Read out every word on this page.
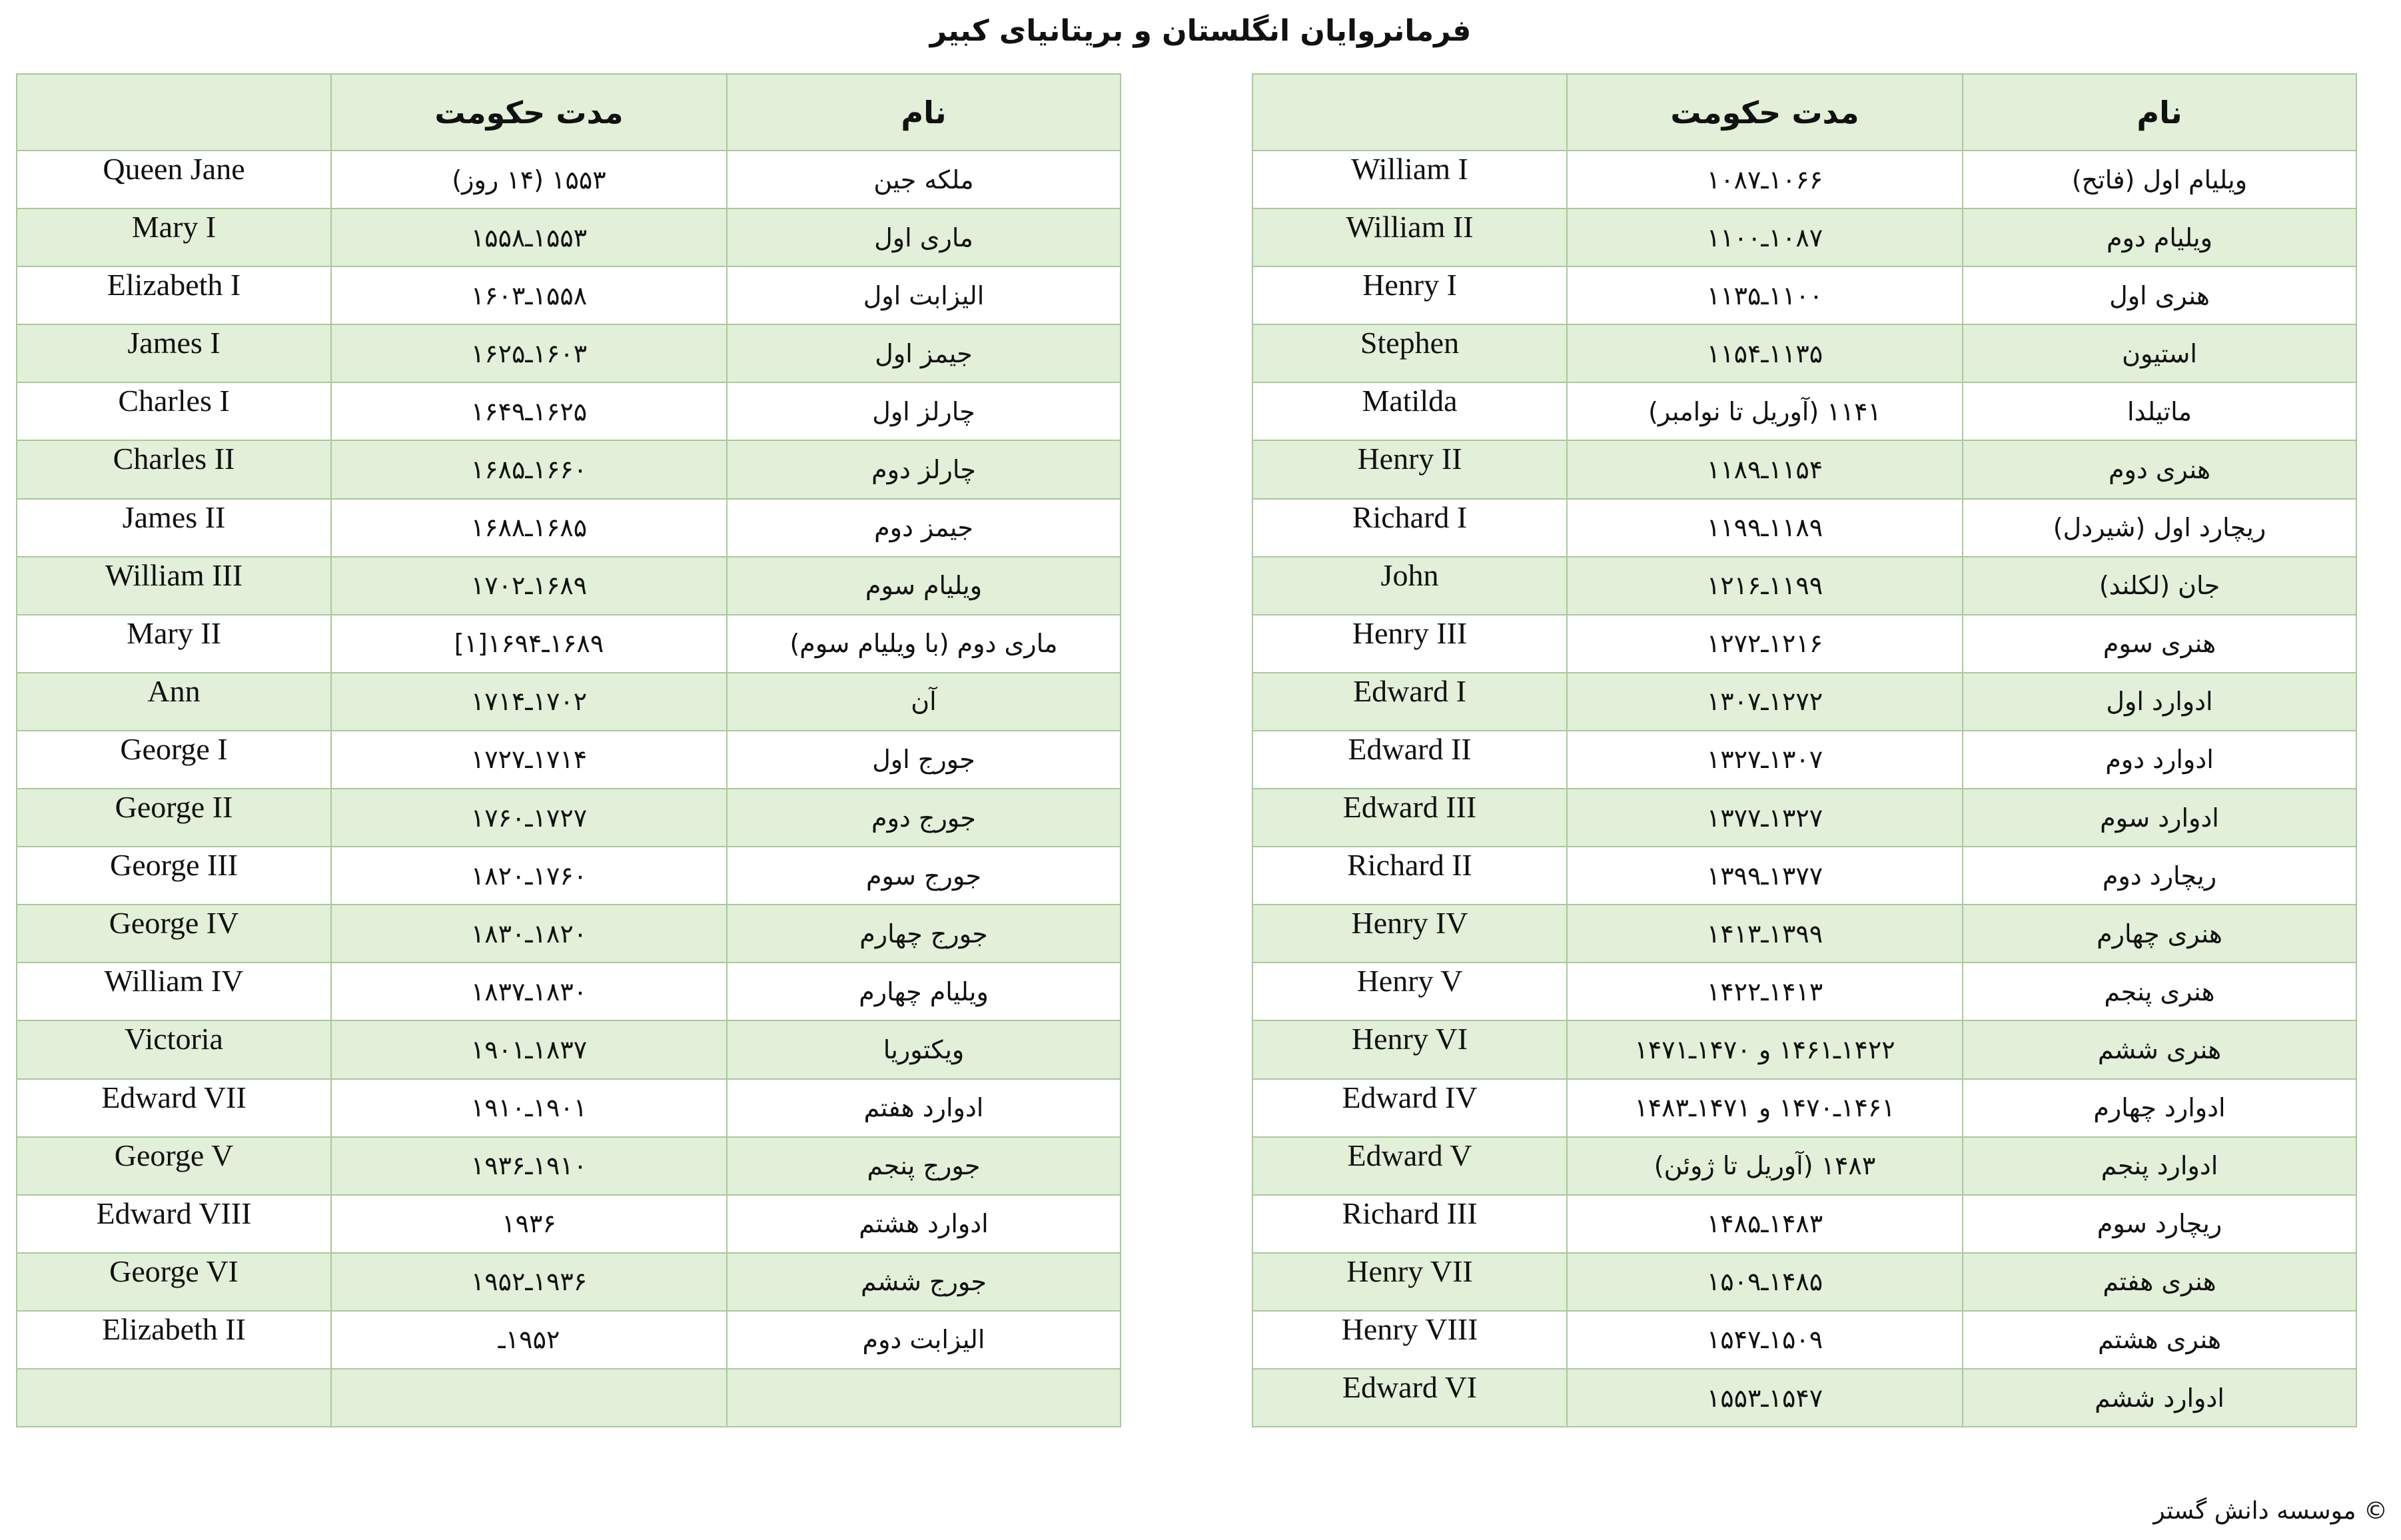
فرمانروایان انگلستان و بریتانیای کبیر
	مدت حکومت	نام
Queen Jane	۱۵۵۳ (۱۴ روز)	ملکه جین
Mary I	۱۵۵۳ـ۱۵۵۸	ماری اول
Elizabeth I	۱۵۵۸ـ۱۶۰۳	الیزابت اول
James I	۱۶۰۳ـ۱۶۲۵	جیمز اول
Charles I	۱۶۲۵ـ۱۶۴۹	چارلز اول
Charles II	۱۶۶۰ـ۱۶۸۵	چارلز دوم
James II	۱۶۸۵ـ۱۶۸۸	جیمز دوم
William III	۱۶۸۹ـ۱۷۰۲	ویلیام سوم
Mary II	۱۶۸۹ـ۱۶۹۴[۱]	ماری دوم (با ویلیام سوم)
Ann	۱۷۰۲ـ۱۷۱۴	آن
George I	۱۷۱۴ـ۱۷۲۷	جورج اول
George II	۱۷۲۷ـ۱۷۶۰	جورج دوم
George III	۱۷۶۰ـ۱۸۲۰	جورج سوم
George IV	۱۸۲۰ـ۱۸۳۰	جورج چهارم
William IV	۱۸۳۰ـ۱۸۳۷	ویلیام چهارم
Victoria	۱۸۳۷ـ۱۹۰۱	ویکتوریا
Edward VII	۱۹۰۱ـ۱۹۱۰	ادوارد هفتم
George V	۱۹۱۰ـ۱۹۳۶	جورج پنجم
Edward VIII	۱۹۳۶	ادوارد هشتم
George VI	۱۹۳۶ـ۱۹۵۲	جورج ششم
Elizabeth II	۱۹۵۲ـ	الیزابت دوم

	مدت حکومت	نام
William I	۱۰۶۶ـ۱۰۸۷	ویلیام اول (فاتح)
William II	۱۰۸۷ـ۱۱۰۰	ویلیام دوم
Henry I	۱۱۰۰ـ۱۱۳۵	هنری اول
Stephen	۱۱۳۵ـ۱۱۵۴	استیون
Matilda	۱۱۴۱ (آوریل تا نوامبر)	ماتیلدا
Henry II	۱۱۵۴ـ۱۱۸۹	هنری دوم
Richard I	۱۱۸۹ـ۱۱۹۹	ریچارد اول (شیردل)
John	۱۱۹۹ـ۱۲۱۶	جان (لکلند)
Henry III	۱۲۱۶ـ۱۲۷۲	هنری سوم
Edward I	۱۲۷۲ـ۱۳۰۷	ادوارد اول
Edward II	۱۳۰۷ـ۱۳۲۷	ادوارد دوم
Edward III	۱۳۲۷ـ۱۳۷۷	ادوارد سوم
Richard II	۱۳۷۷ـ۱۳۹۹	ریچارد دوم
Henry IV	۱۳۹۹ـ۱۴۱۳	هنری چهارم
Henry V	۱۴۱۳ـ۱۴۲۲	هنری پنجم
Henry VI	۱۴۲۲ـ۱۴۶۱ و ۱۴۷۰ـ۱۴۷۱	هنری ششم
Edward IV	۱۴۶۱ـ۱۴۷۰ و ۱۴۷۱ـ۱۴۸۳	ادوارد چهارم
Edward V	۱۴۸۳ (آوریل تا ژوئن)	ادوارد پنجم
Richard III	۱۴۸۳ـ۱۴۸۵	ریچارد سوم
Henry VII	۱۴۸۵ـ۱۵۰۹	هنری هفتم
Henry VIII	۱۵۰۹ـ۱۵۴۷	هنری هشتم
Edward VI	۱۵۴۷ـ۱۵۵۳	ادوارد ششم
© موسسه دانش گستر
